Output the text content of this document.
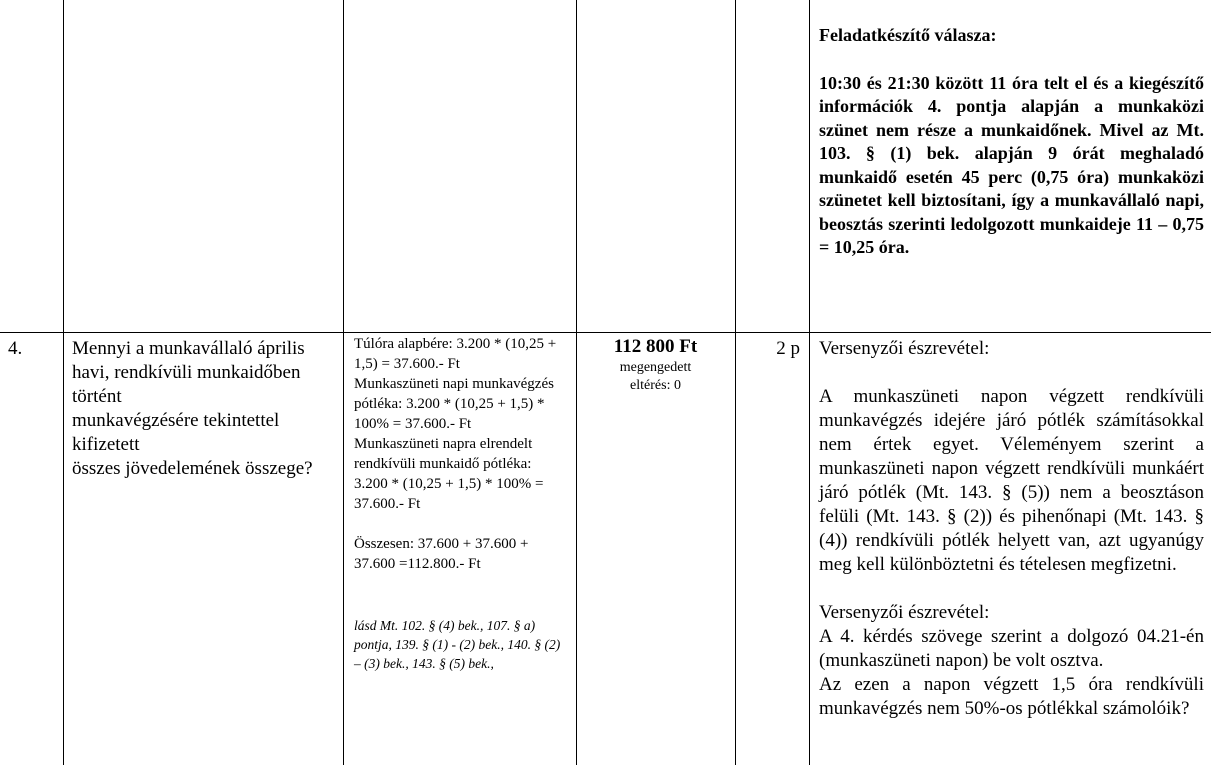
Feladatkészítő válasza:

10:30 és 21:30 között 11 óra telt el és a kiegészítő információk 4. pontja alapján a munkaközi szünet nem része a munkaidőnek. Mivel az Mt. 103. § (1) bek. alapján 9 órát meghaladó munkaidő esetén 45 perc (0,75 óra) munkaközi szünetet kell biztosítani, így a munkavállaló napi, beosztás szerinti ledolgozott munkaideje 11 – 0,75 = 10,25 óra.

4.	Mennyi a munkavállaló április havi, rendkívüli munkaidőben történt

munkavégzésére tekintettel kifizetett

összes jövedelemének összege?

Túlóra alapbére: 3.200 * (10,25 + 1,5) = 37.600.- Ft

Munkaszüneti napi munkavégzés pótléka: 3.200 * (10,25 + 1,5) * 100% = 37.600.- Ft

Munkaszüneti napra elrendelt rendkívüli munkaidő pótléka: 3.200 * (10,25 + 1,5) * 100% = 37.600.- Ft

Összesen: 37.600 + 37.600 + 37.600 =112.800.- Ft

lásd Mt. 102. § (4) bek., 107. § a) pontja, 139. § (1) - (2) bek., 140. § (2) – (3) bek., 143. § (5) bek.,

112 800 Ft

megengedett eltérés: 0

2 p Versenyzői észrevétel:

A munkaszüneti napon végzett rendkívüli munkavégzés idejére járó pótlék számításokkal nem értek egyet. Véleményem szerint a munkaszüneti napon végzett rendkívüli munkáért járó pótlék (Mt. 143. § (5)) nem a beosztáson felüli (Mt. 143. § (2)) és pihenőnapi (Mt. 143. § (4)) rendkívüli pótlék helyett van, azt ugyanúgy meg kell különböztetni és tételesen megfizetni.

Versenyzői észrevétel:

A 4. kérdés szövege szerint a dolgozó 04.21-én (munkaszüneti napon) be volt osztva.

Az ezen a napon végzett 1,5 óra rendkívüli munkavégzés nem 50%-os pótlékkal számolóik?
